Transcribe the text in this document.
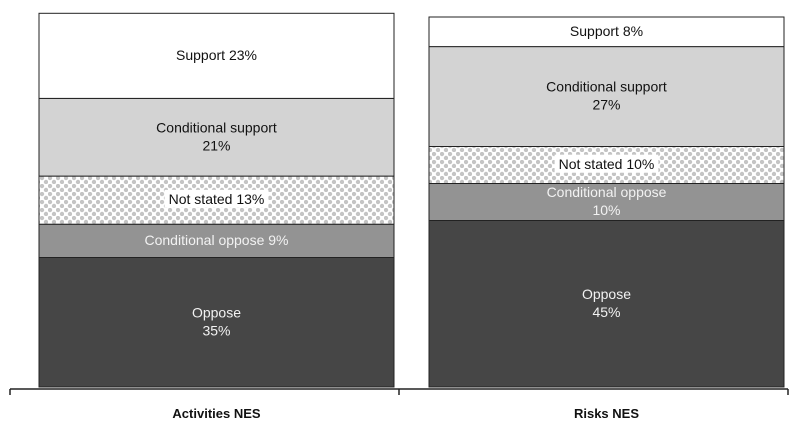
Oppose 35%
Conditional oppose 9%
Not stated 13%
Conditional support 21%
Support 23%
Oppose 45%
Conditional oppose 10%
Not stated 10%
Conditional support 27%
Support 8%
Activities NES	Risks NES
